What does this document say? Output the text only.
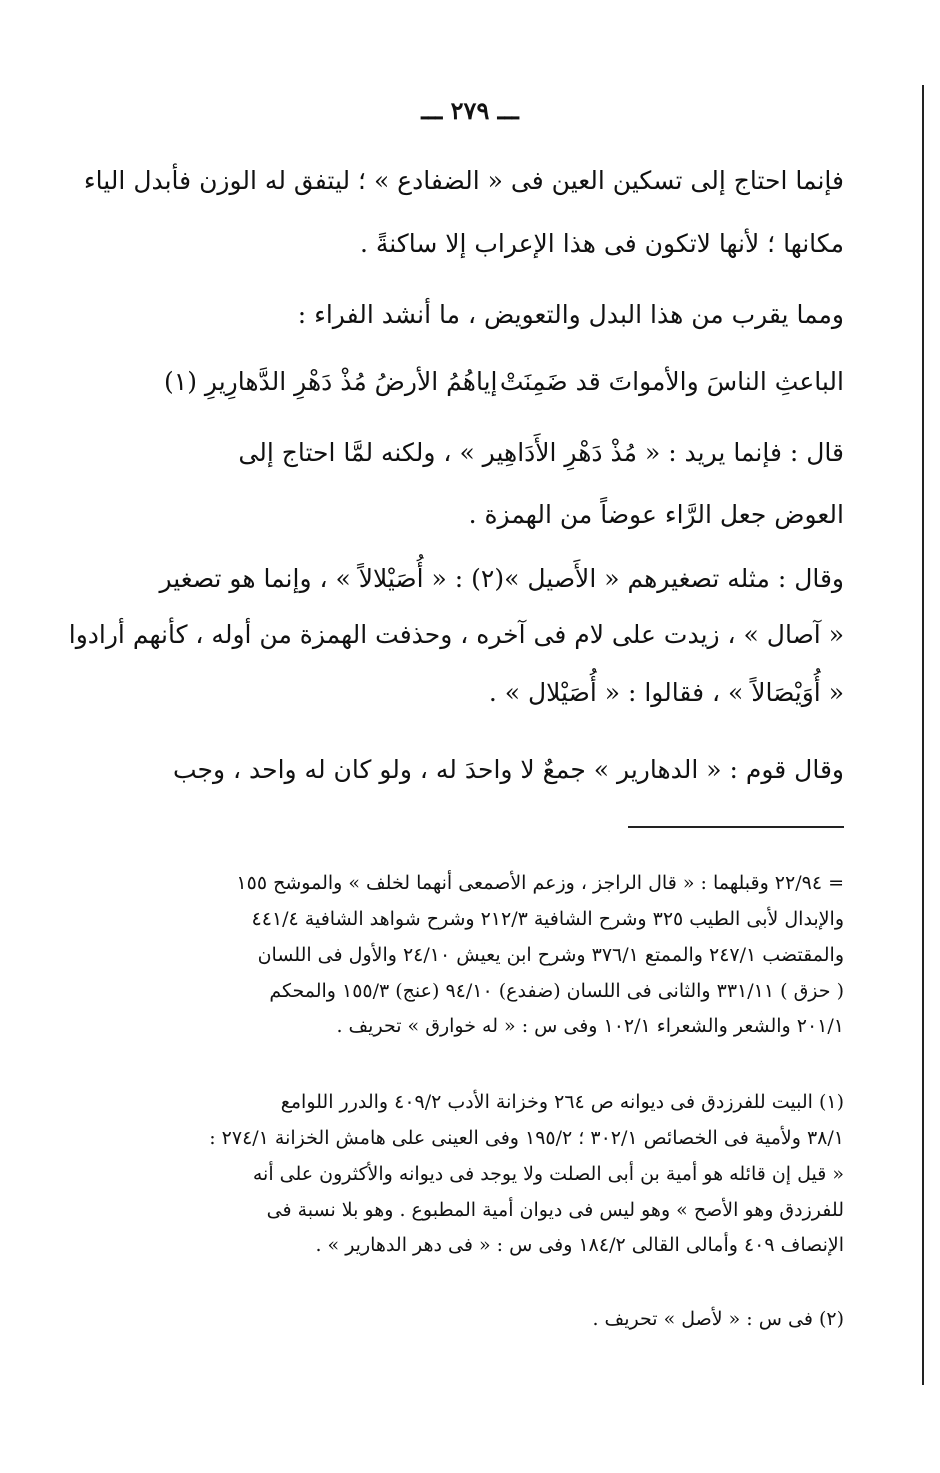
ـــ ٢٧٩ ـــ
فإنما احتاج إلى تسكين العين فى « الضفادع » ؛ ليتفق له الوزن فأبدل الياء
مكانها ؛ لأنها لاتكون فى هذا الإعراب إلا ساكنةً .
ومما يقرب من هذا البدل والتعويض ، ما أنشد الفراء :
إياهُمُ الأرضُ مُذْ دَهْرِ الدَّهارِيرِ (١) الباعثِ الناسَ والأمواتَ قد ضَمِنَتْ
قال : فإنما يريد : « مُذْ دَهْرِ الأَدَاهِير » ، ولكنه لمَّا احتاج إلى
العوض جعل الرَّاء عوضاً من الهمزة .
وقال : مثله تصغيرهم « الأَصيل »(٢) : « أُصَيْلالاً » ، وإنما هو تصغير
« آصال » ، زيدت على لام فى آخره ، وحذفت الهمزة من أوله ، كأنهم أرادوا
« أُوَيْصَالاً » ، فقالوا : « أُصَيْلال » .
وقال قوم : « الدهارير » جمعٌ لا واحدَ له ، ولو كان له واحد ، وجب
= ٢٢/٩٤ وقبلهما : « قال الراجز ، وزعم الأصمعى أنهما لخلف » والموشح ١٥٥
والإبدال لأبى الطيب ٣٢٥ وشرح الشافية ٢١٢/٣ وشرح شواهد الشافية ٤٤١/٤
والمقتضب ٢٤٧/١ والممتع ٣٧٦/١ وشرح ابن يعيش ٢٤/١٠ والأول فى اللسان
( حزق ) ٣٣١/١١ والثانى فى اللسان (ضفدع) ٩٤/١٠ (عنج) ١٥٥/٣ والمحكم
٢٠١/١ والشعر والشعراء ١٠٢/١ وفى س : « له خوارق » تحريف .
(١) البيت للفرزدق فى ديوانه ص ٢٦٤ وخزانة الأدب ٤٠٩/٢ والدرر اللوامع
٣٨/١ ولأمية فى الخصائص ٣٠٢/١ ؛ ١٩٥/٢ وفى العينى على هامش الخزانة ٢٧٤/١ :
« قيل إن قائله هو أمية بن أبى الصلت ولا يوجد فى ديوانه والأكثرون على أنه
للفرزدق وهو الأصح » وهو ليس فى ديوان أمية المطبوع . وهو بلا نسبة فى
الإنصاف ٤٠٩ وأمالى القالى ١٨٤/٢ وفى س : « فى دهر الدهارير » .
(٢) فى س : « لأصل » تحريف .
